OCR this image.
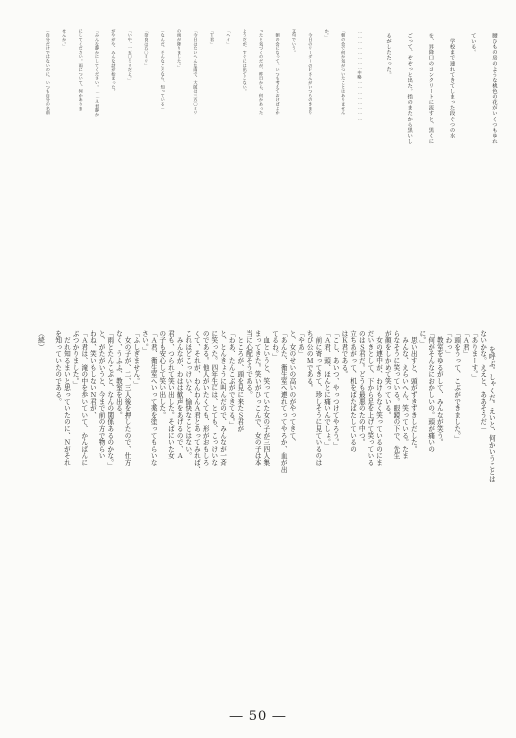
腰ひもの房のような桃色の花がいくつもゆれ

ている。

　学校まで連れてきてしまった段ぐつの水

を、昇降口のコンクリートに流すと、黒くに

ごって、ぞぞっと出た。指のまたから黒いし

るがしたたった。

……………………中略……………………

「朝の会で何か気がついたことはありません

か。」

　今日のリーダーのＦさんがいつものきまり

文句でいう。

　朝の会になって、いつも考えておけばよか

ったと気づくのだが、昨日から、何かあった

ようだが、すぐには出てこない。

「ヘイ」

「Ｔ君」

「今日はたいへんな雨で、大阪は三五〇ミリ

の雨が降りました。」

－なんだ、そんなことなら、知っている－

「奈良は五〇ミリ」

「いや、一五〇ミリだよ。」

がやがや、みんな話が始まった。

「みんな静かにしてください。……Ａ君静か

にしてください。雨について、何かありま

せんか。」

－自分だけではないのに、いつも自分の名前

を呼ぶ。しゃくだ。えいと、何かいうことは
ないかな。ええと、ああそうだ－
「ありまーす。」
「Ａ君」
「頭をうって、こぶができました。」
「わっ」
　教室をゆるがして、みんなが笑う。
「何がそんなにおかしいの。頭が痛いの
に。」
　思い出すと、頭がずきずきしだした。
　みんな、えらいへん、笑っている。たま
らなそうに笑っている。眼鏡の下で、先生
が顔をしかめて笑っている。
　女の連中が、わけもなく笑っているのにま
だいきとして、下から足を上げて笑っている
のはＳ君だ。どうも最悪のたの中つ。
立ちあがって、机をばたばたしているの
はＫ君である。
「こし、あいつ、やっつけてやろう。」
「Ａ君、頭、ほんとに痛いんでしょ。」
　前に寄ってきて、珍しそうに見ているのは
ちび公のＭである。
「やあ」
と、女のせいの高いのがやってきて、
「あんた、衛生室へ連れてってやろか、血が出
てるわ。」
　血というと、笑っていた女の子が三四人集
まってきた。笑いがひっこんで、女の子は本
当に心配そうである。
　ところが、頭を見に来たＳ君が
「わあ、たんこぶができてる。」
と、とんきょうに叫んだので、みんなが一斉
に笑った。四年生には、とても、こっけいな
のである。他人がいたくても、形がおもしろ
くて、それが、わんわんＡ君とあってみれば、
これほどこっけいな、愉快なことはない。
　みんなが、わはは歓声をあげるので、Ａ
君も、つられて笑い出した。そばにいた女
の子も安心して笑い出した。
「Ａ君、衛生室へいって薬を塗ってもらいな
さい。」
「ふしぎません。」
　女の子が、二、三人後を押したので、仕方
なく、うふふ、教室を出る。
「雨とたんこぶと、なんの関係あるのかな。」
と、がたがいうと、今まで前の方で物らい
わね、笑いもしないＮ君が、
「Ａ君は、滝の中を歩いていて、かんばんに
ぶつかりました。」
　だれ知るまいと思っていたのに、Ｎがそれ
を知っていたのである。

（続）
― 50 ―
